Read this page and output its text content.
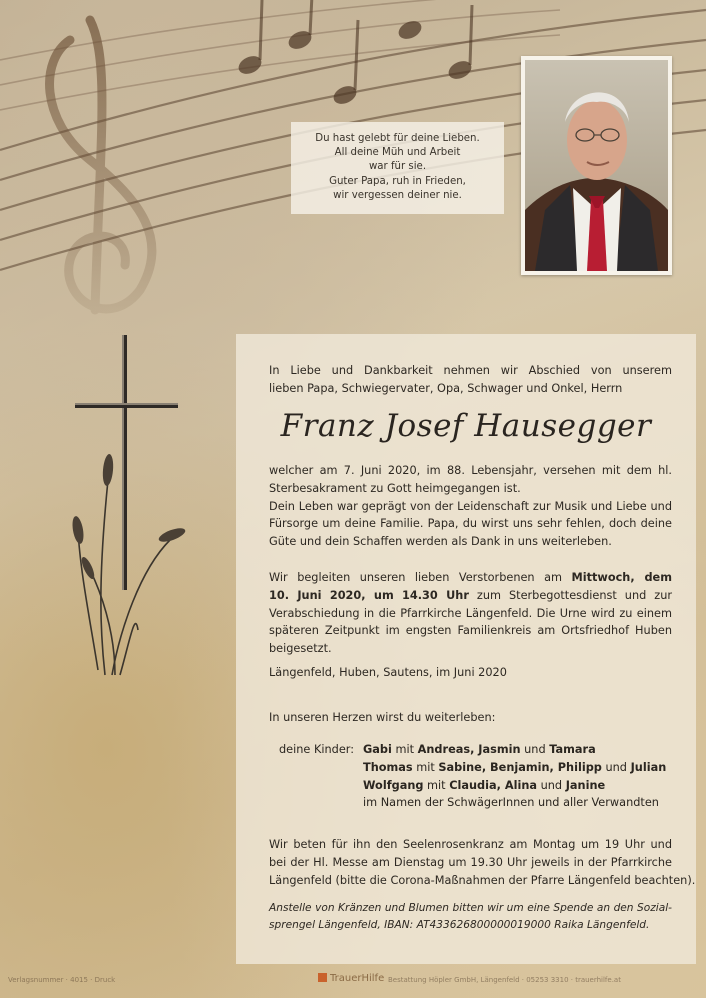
Du hast gelebt für deine Lieben.
All deine Müh und Arbeit
war für sie.
Guter Papa, ruh in Frieden,
wir vergessen deiner nie.
In Liebe und Dankbarkeit nehmen wir Abschied von unserem
lieben Papa, Schwiegervater, Opa, Schwager und Onkel, Herrn
Franz Josef Hausegger
welcher am 7. Juni 2020, im 88. Lebensjahr, versehen mit dem hl.
Sterbesakrament zu Gott heimgegangen ist.
Dein Leben war geprägt von der Leidenschaft zur Musik und Liebe und
Fürsorge um deine Familie. Papa, du wirst uns sehr fehlen, doch deine
Güte und dein Schaffen werden als Dank in uns weiterleben.
Wir begleiten unseren lieben Verstorbenen am Mittwoch, dem
10. Juni 2020, um 14.30 Uhr zum Sterbegottesdienst und zur
Verabschiedung in die Pfarrkirche Längenfeld. Die Urne wird zu einem
späteren Zeitpunkt im engsten Familienkreis am Ortsfriedhof Huben
beigesetzt.
Längenfeld, Huben, Sautens, im Juni 2020
In unseren Herzen wirst du weiterleben:
deine Kinder: Gabi mit Andreas, Jasmin und Tamara
Thomas mit Sabine, Benjamin, Philipp und Julian
Wolfgang mit Claudia, Alina und Janine
im Namen der SchwägerInnen und aller Verwandten
Wir beten für ihn den Seelenrosenkranz am Montag um 19 Uhr und
bei der Hl. Messe am Dienstag um 19.30 Uhr jeweils in der Pfarrkirche
Längenfeld (bitte die Corona-Maßnahmen der Pfarre Längenfeld beachten).
Anstelle von Kränzen und Blumen bitten wir um eine Spende an den Sozial-
sprengel Längenfeld, IBAN: AT433626800000019000 Raika Längenfeld.
Verlagsnummer · 4015 · Druck	TrauerHilfe Bestattung Höpler GmbH, Längenfeld · 05253 3310 · trauerhilfe.at
